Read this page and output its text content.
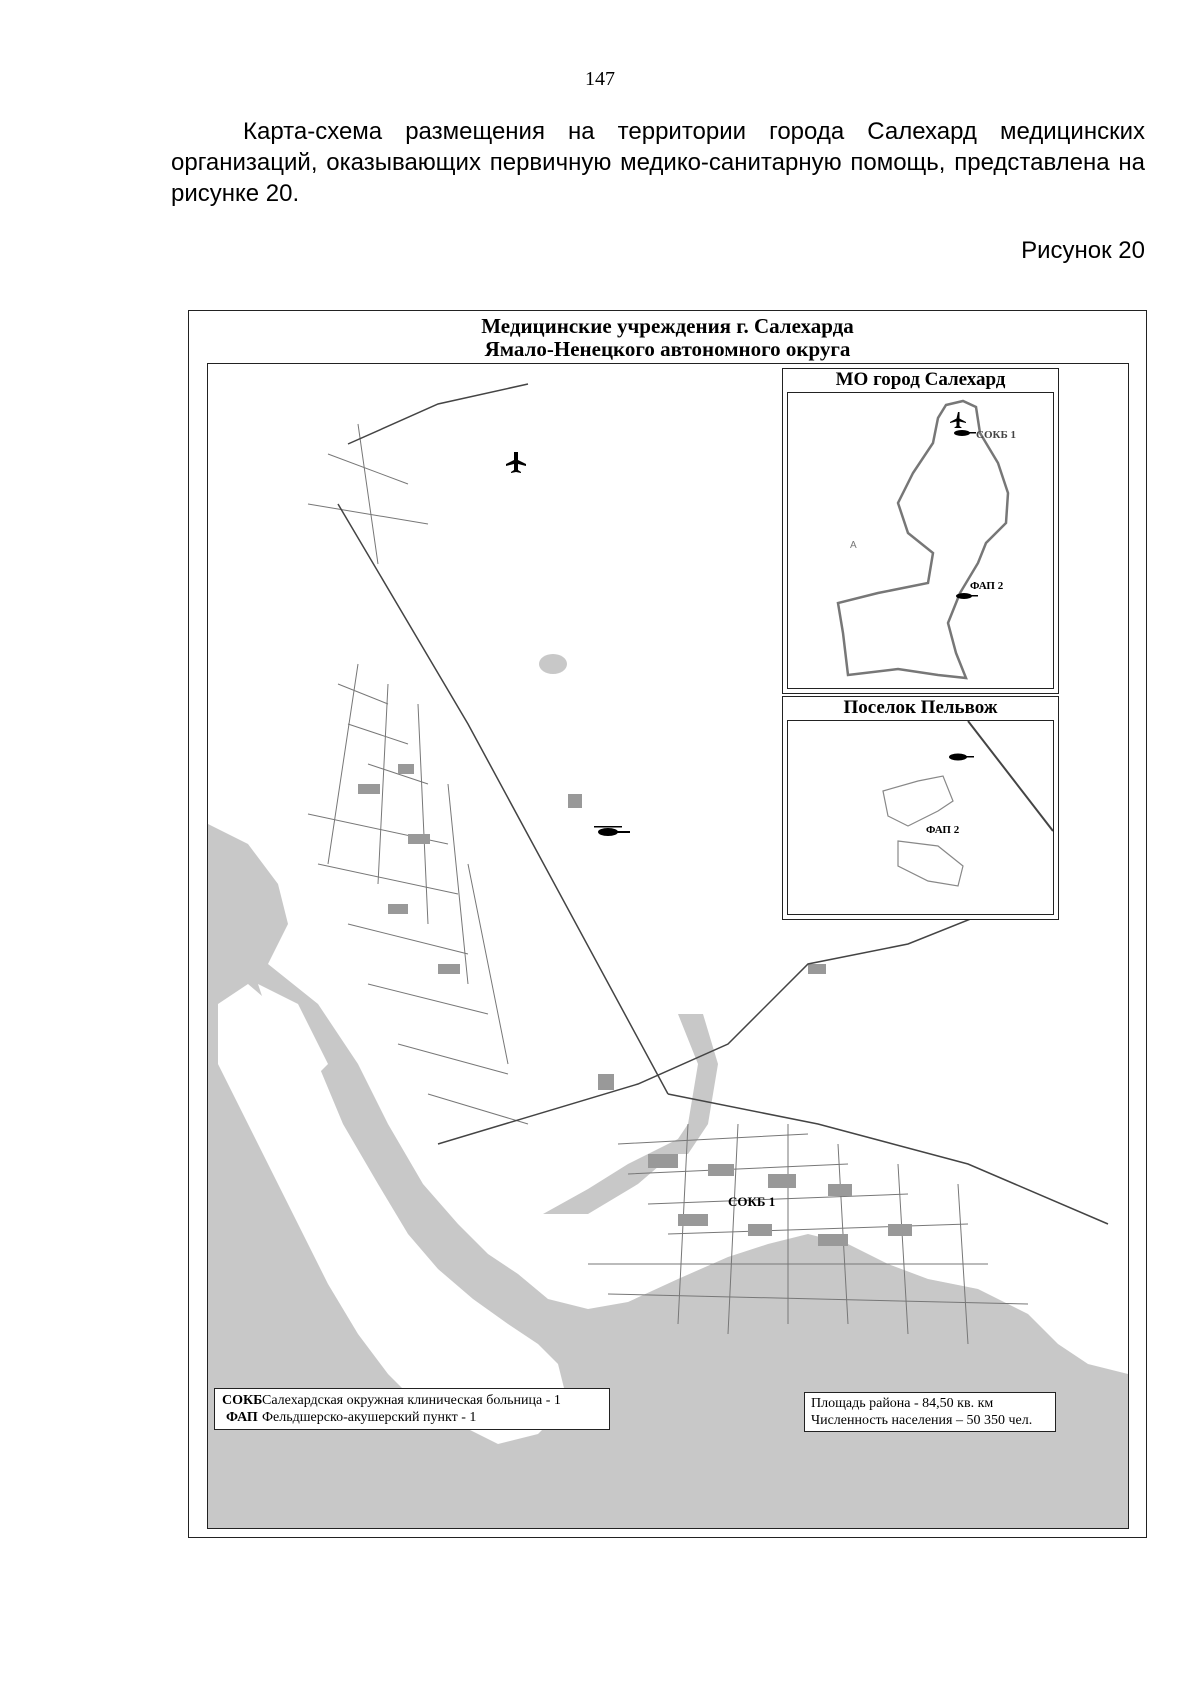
147
Карта-схема размещения на территории города Салехард медицинских организаций, оказывающих первичную медико-санитарную помощь, представлена на рисунке 20.
Рисунок 20
Медицинские учреждения г. Салехарда
Ямало-Ненецкого автономного округа
СОКБ 1
МО город Салехард
СОКБ 1
ФАП 2
A
Поселок Пельвож
ФАП 2
СОКБСалехардская окружная клиническая больница - 1
ФАП Фельдшерско-акушерский пункт - 1
Площадь района - 84,50 кв. км
Численность населения – 50 350 чел.
